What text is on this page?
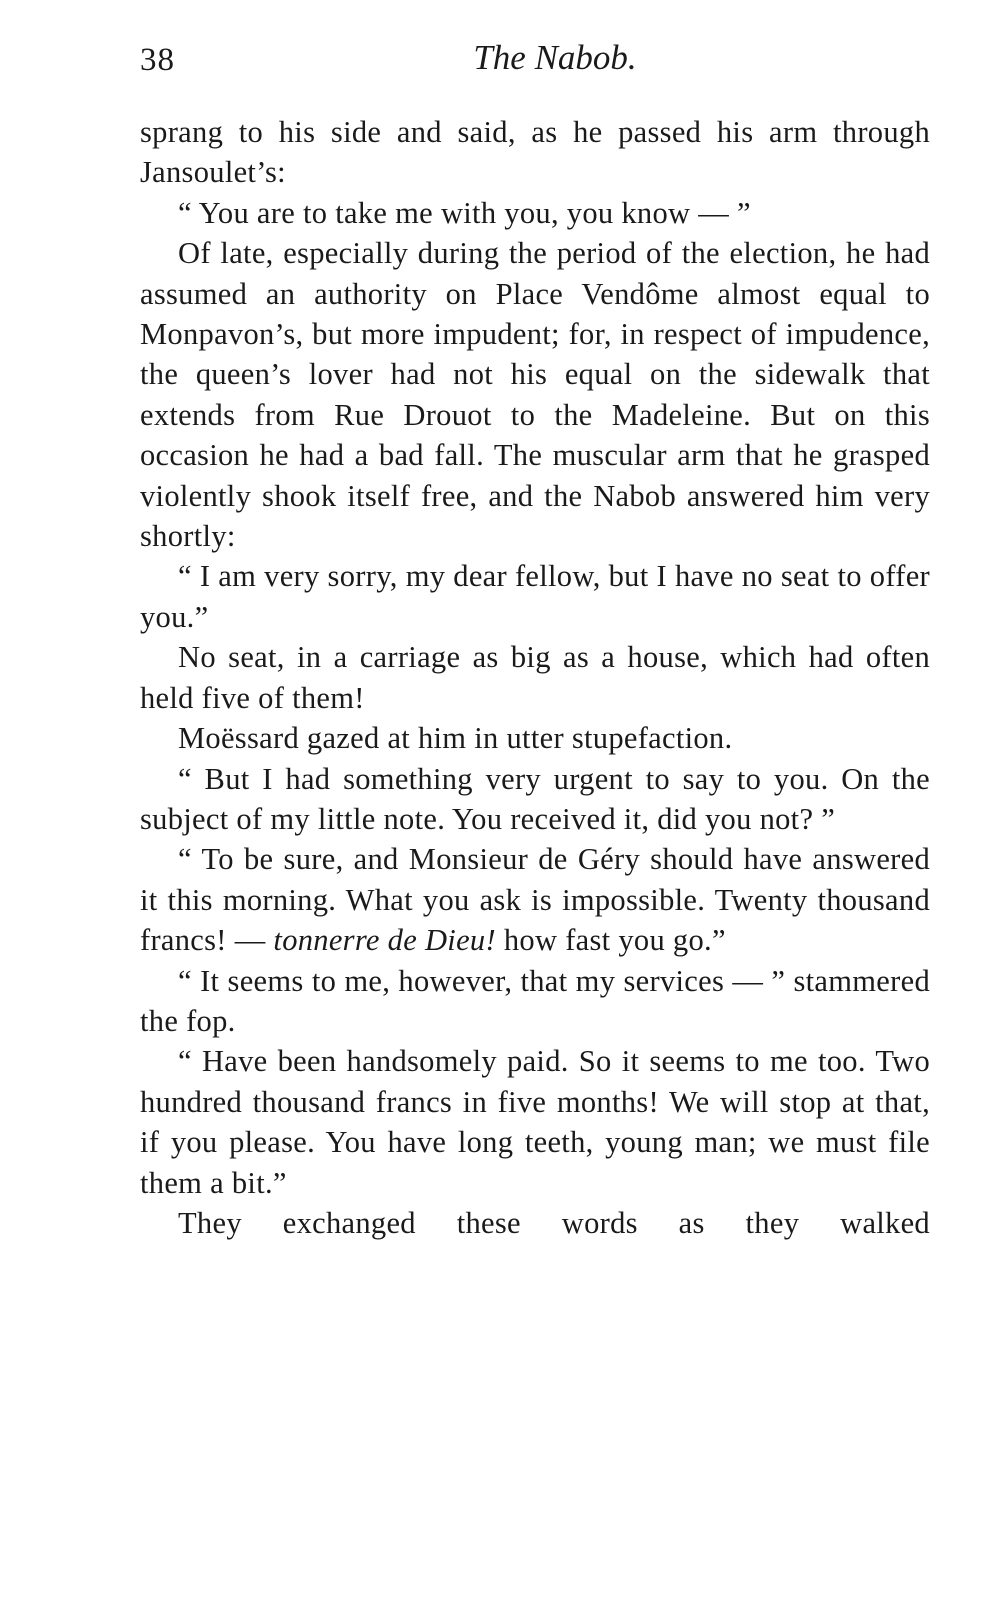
38	The Nabob.

sprang to his side and said, as he passed his arm through Jansoulet’s:

“ You are to take me with you, you know — ”

Of late, especially during the period of the election, he had assumed an authority on Place Vendôme almost equal to Monpavon’s, but more impudent; for, in respect of impudence, the queen’s lover had not his equal on the sidewalk that extends from Rue Drouot to the Madeleine. But on this occasion he had a bad fall. The muscular arm that he grasped violently shook itself free, and the Nabob answered him very shortly:

“ I am very sorry, my dear fellow, but I have no seat to offer you.”

No seat, in a carriage as big as a house, which had often held five of them!

Moëssard gazed at him in utter stupefaction.

“ But I had something very urgent to say to you. On the subject of my little note. You received it, did you not? ”

“ To be sure, and Monsieur de Géry should have answered it this morning. What you ask is impossible. Twenty thousand francs! — tonnerre de Dieu! how fast you go.”

“ It seems to me, however, that my services — ” stammered the fop.

“ Have been handsomely paid. So it seems to me too. Two hundred thousand francs in five months! We will stop at that, if you please. You have long teeth, young man; we must file them a bit.”

They exchanged these words as they walked
